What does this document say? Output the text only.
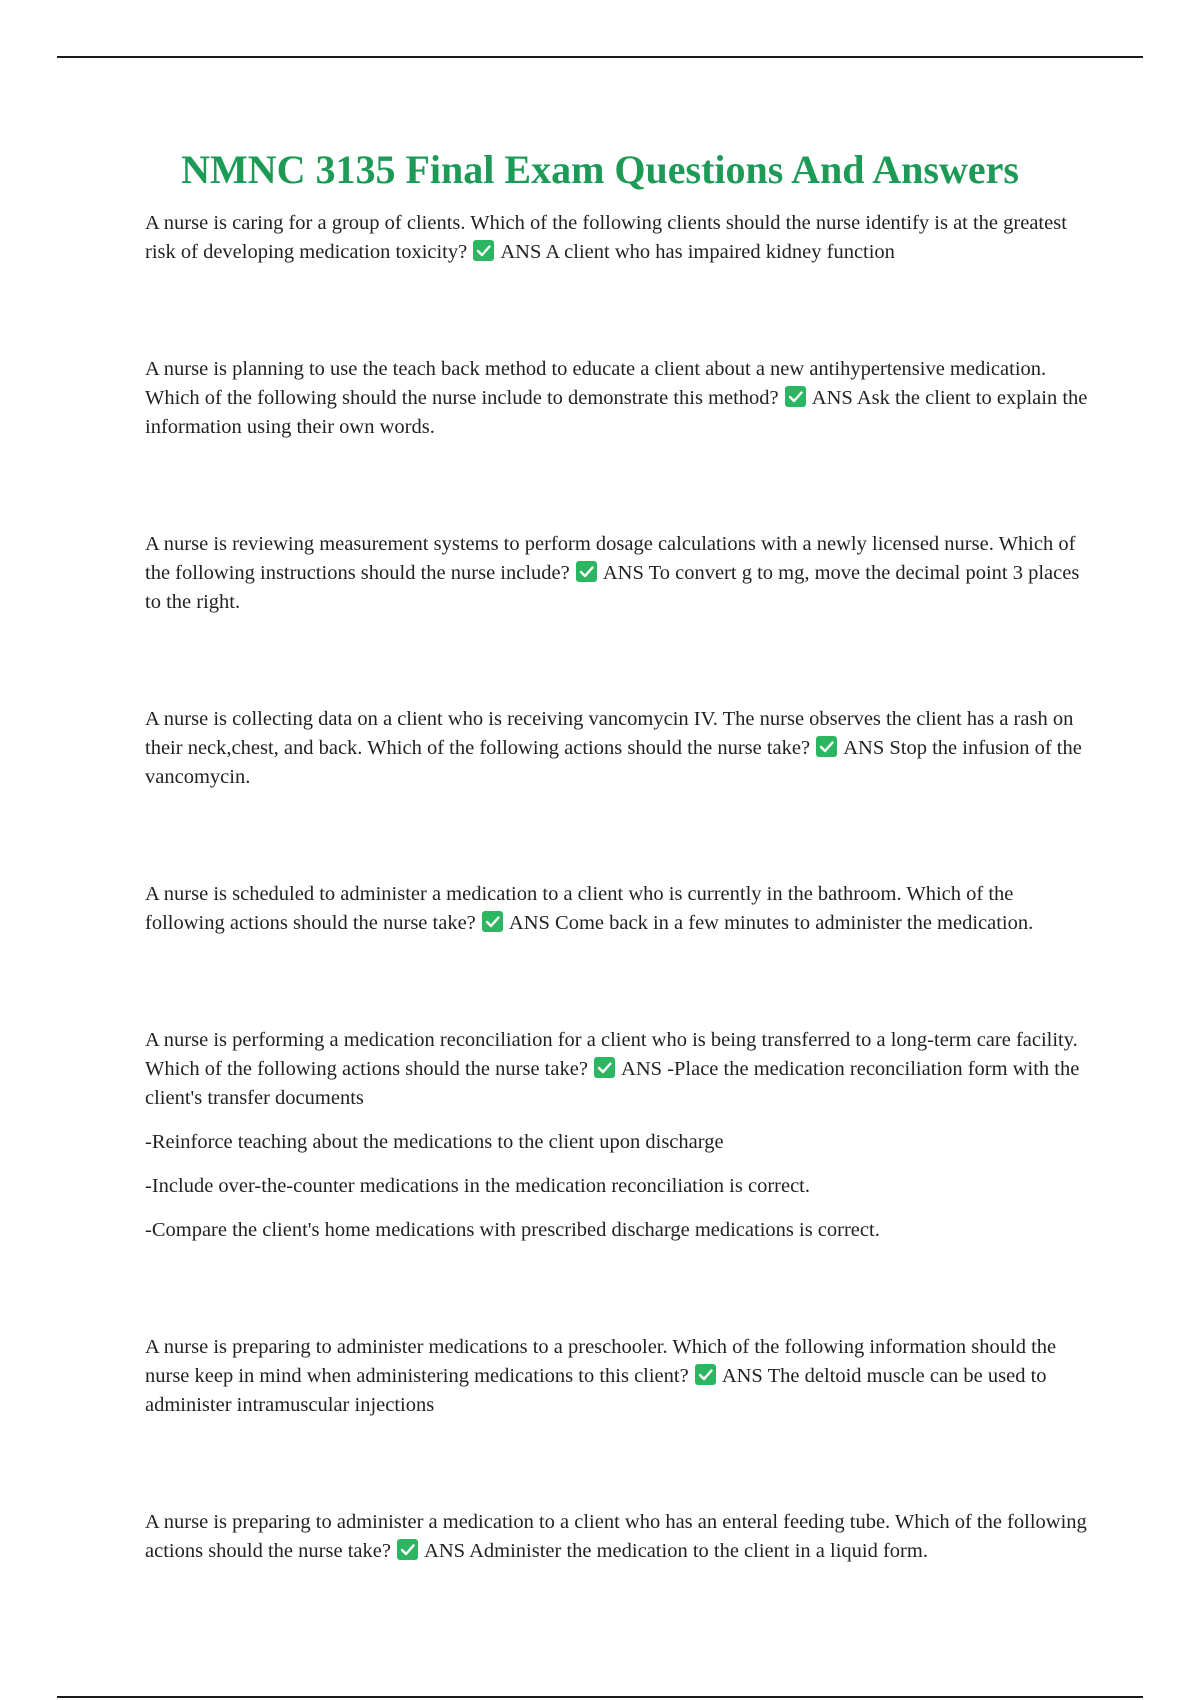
NMNC 3135 Final Exam Questions And Answers

A nurse is caring for a group of clients. Which of the following clients should the nurse identify is at the greatest risk of developing medication toxicity? ANS A client who has impaired kidney function

A nurse is planning to use the teach back method to educate a client about a new antihypertensive medication. Which of the following should the nurse include to demonstrate this method? ANS Ask the client to explain the information using their own words.

A nurse is reviewing measurement systems to perform dosage calculations with a newly licensed nurse. Which of the following instructions should the nurse include? ANS To convert g to mg, move the decimal point 3 places to the right.

A nurse is collecting data on a client who is receiving vancomycin IV. The nurse observes the client has a rash on their neck,chest, and back. Which of the following actions should the nurse take? ANS Stop the infusion of the vancomycin.

A nurse is scheduled to administer a medication to a client who is currently in the bathroom. Which of the following actions should the nurse take? ANS Come back in a few minutes to administer the medication.

A nurse is performing a medication reconciliation for a client who is being transferred to a long-term care facility. Which of the following actions should the nurse take? ANS -Place the medication reconciliation form with the client's transfer documents

-Reinforce teaching about the medications to the client upon discharge

-Include over-the-counter medications in the medication reconciliation is correct.

-Compare the client's home medications with prescribed discharge medications is correct.

A nurse is preparing to administer medications to a preschooler. Which of the following information should the nurse keep in mind when administering medications to this client? ANS The deltoid muscle can be used to administer intramuscular injections

A nurse is preparing to administer a medication to a client who has an enteral feeding tube. Which of the following actions should the nurse take? ANS Administer the medication to the client in a liquid form.
